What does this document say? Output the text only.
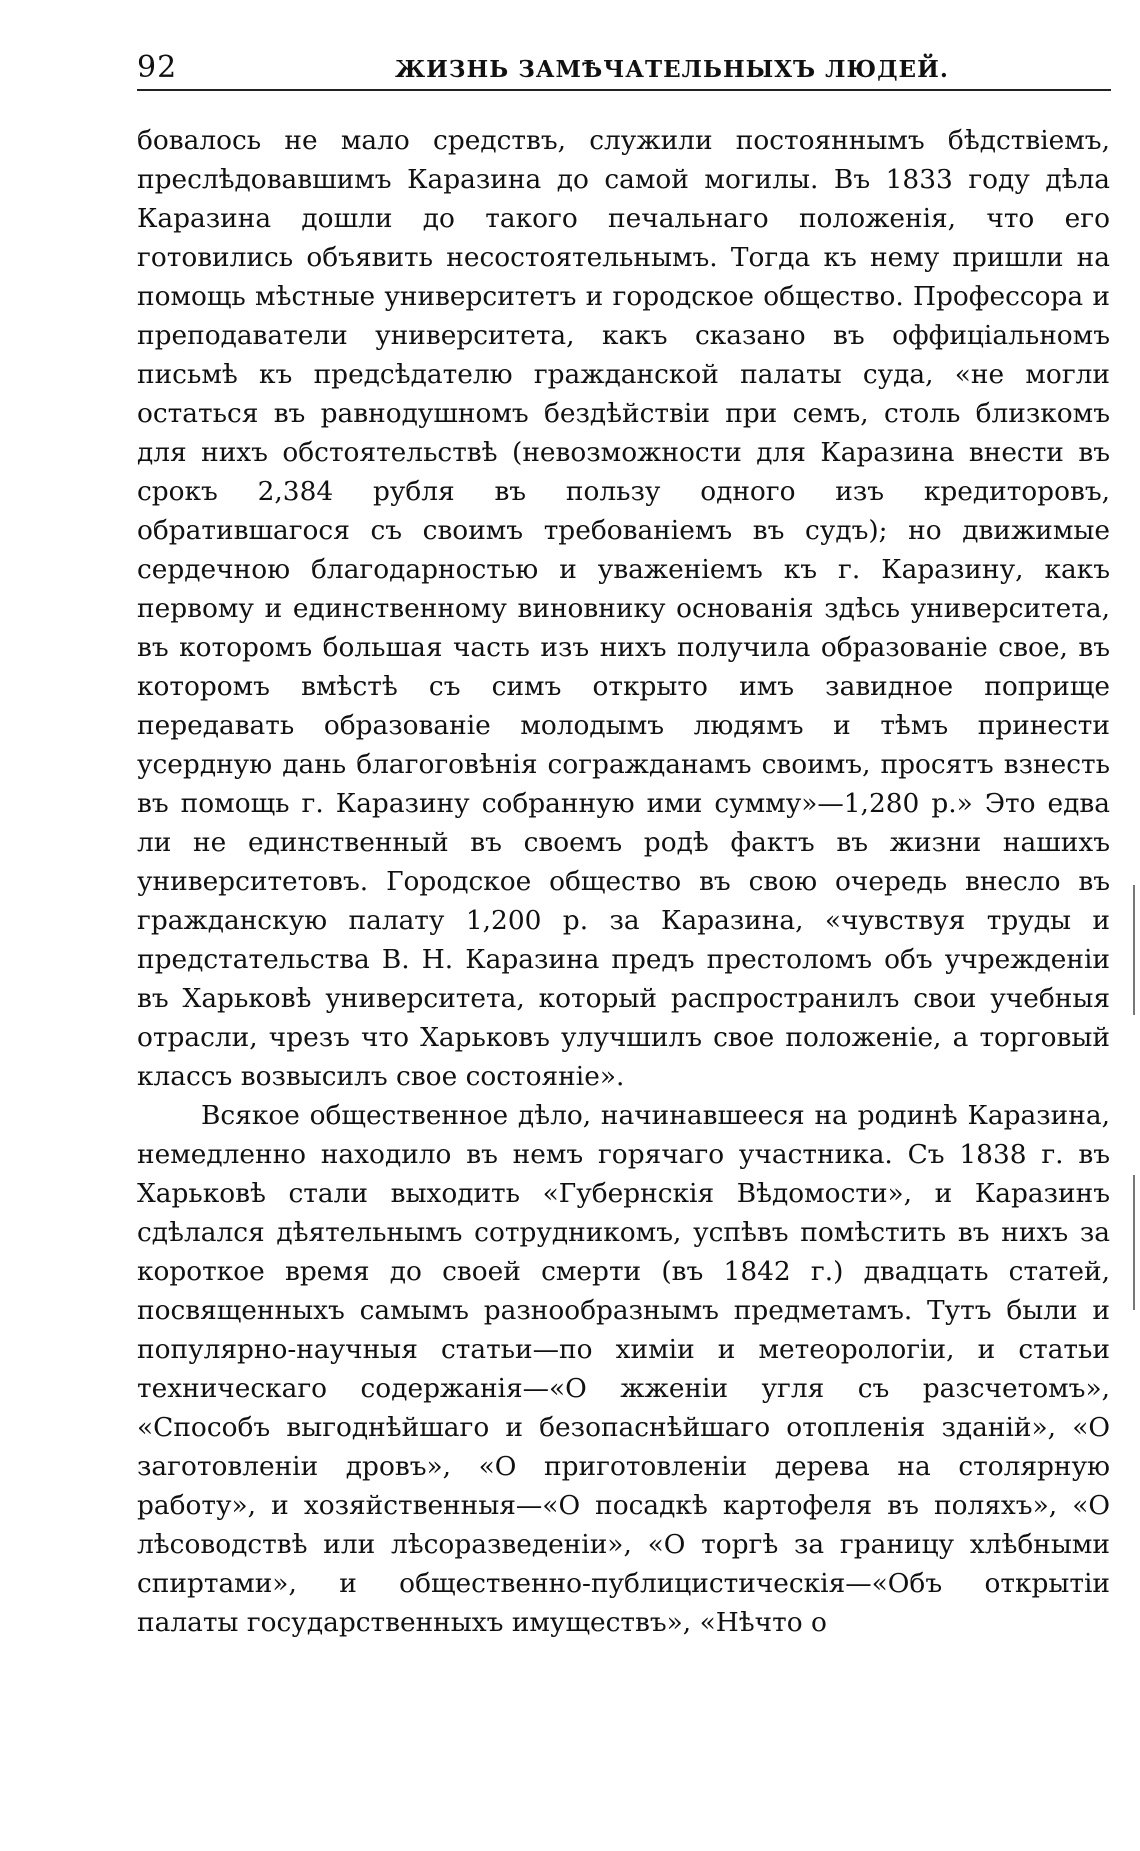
92	ЖИЗНЬ ЗАМѢЧАТЕЛЬНЫХЪ ЛЮДЕЙ.

бовалось не мало средствъ, служили постояннымъ бѣдствіемъ, преслѣдовавшимъ Каразина до самой могилы. Въ 1833 году дѣла Каразина дошли до такого печальнаго положенія, что его готовились объявить несостоятельнымъ. Тогда къ нему пришли на помощь мѣстные университетъ и городское общество. Профессора и преподаватели университета, какъ сказано въ оффиціальномъ письмѣ къ предсѣдателю гражданской палаты суда, «не могли остаться въ равнодушномъ бездѣйствіи при семъ, столь близкомъ для нихъ обстоятельствѣ (невозможности для Каразина внести въ срокъ 2,384 рубля въ пользу одного изъ кредиторовъ, обратившагося съ своимъ требованіемъ въ судъ); но движимые сердечною благодарностью и уваженіемъ къ г. Каразину, какъ первому и единственному виновнику основанія здѣсь университета, въ которомъ большая часть изъ нихъ получила образованіе свое, въ которомъ вмѣстѣ съ симъ открыто имъ завидное поприще передавать образованіе молодымъ людямъ и тѣмъ принести усердную дань благоговѣнія согражданамъ своимъ, просятъ взнесть въ помощь г. Каразину собранную ими сумму»—1,280 р.» Это едва ли не единственный въ своемъ родѣ фактъ въ жизни нашихъ университетовъ. Городское общество въ свою очередь внесло въ гражданскую палату 1,200 р. за Каразина, «чувствуя труды и предстательства В. Н. Каразина предъ престоломъ объ учрежденіи въ Харьковѣ университета, который распространилъ свои учебныя отрасли, чрезъ что Харьковъ улучшилъ свое положеніе, а торговый классъ возвысилъ свое состояніе».

Всякое общественное дѣло, начинавшееся на родинѣ Каразина, немедленно находило въ немъ горячаго участника. Съ 1838 г. въ Харьковѣ стали выходить «Губернскія Вѣдомости», и Каразинъ сдѣлался дѣятельнымъ сотрудникомъ, успѣвъ помѣстить въ нихъ за короткое время до своей смерти (въ 1842 г.) двадцать статей, посвященныхъ самымъ разнообразнымъ предметамъ. Тутъ были и популярно-научныя статьи—по химіи и метеорологіи, и статьи техническаго содержанія—«О жженіи угля съ разсчетомъ», «Способъ выгоднѣйшаго и безопаснѣйшаго отопленія зданій», «О заготовленіи дровъ», «О приготовленіи дерева на столярную работу», и хозяйственныя—«О посадкѣ картофеля въ поляхъ», «О лѣсоводствѣ или лѣсоразведеніи», «О торгѣ за границу хлѣбными спиртами», и общественно-публицистическія—«Объ открытіи палаты государственныхъ имуществъ», «Нѣчто о
